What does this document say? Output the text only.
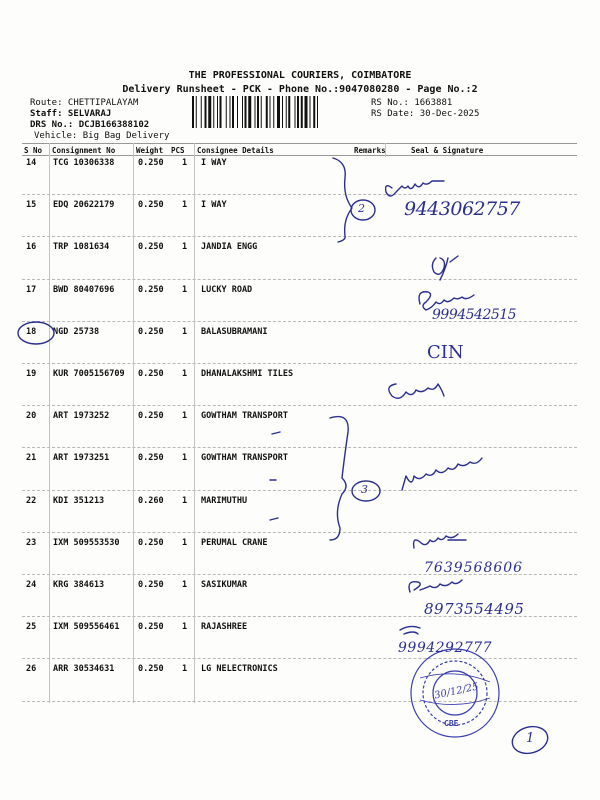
THE PROFESSIONAL COURIERS, COIMBATORE
Delivery Runsheet - PCK - Phone No.:9047080280 - Page No.:2
Route: CHETTIPALAYAM
Staff: SELVARAJ
DRS No.: DCJB166388102
Vehicle: Big Bag Delivery
RS No.: 1663881
RS Date: 30-Dec-2025
S No Consignment No	Weight PCS Consignee Details	Remarks	Seal & Signature
14 TCG 10306338	0.250 1 I WAY
15 EDQ 20622179	0.250 1 I WAY
16 TRP 1081634	0.250 1 JANDIA ENGG
17 BWD 80407696	0.250 1 LUCKY ROAD
18 NGD 25738	0.250 1 BALASUBRAMANI
19 KUR 7005156709 0.250 1 DHANALAKSHMI TILES
20 ART 1973252	0.250 1 GOWTHAM TRANSPORT
21 ART 1973251	0.250 1 GOWTHAM TRANSPORT
22 KDI 351213	0.260 1 MARIMUTHU
23 IXM 509553530 0.250 1 PERUMAL CRANE
24 KRG 384613	0.250 1 SASIKUMAR
25 IXM 509556461 0.250 1 RAJASHREE
26 ARR 30534631	0.250 1 LG NELECTRONICS
2 9443062757
CIN
9994542515
3
7639568606
8973554495
9994292777
1
30/12/25
CBE
